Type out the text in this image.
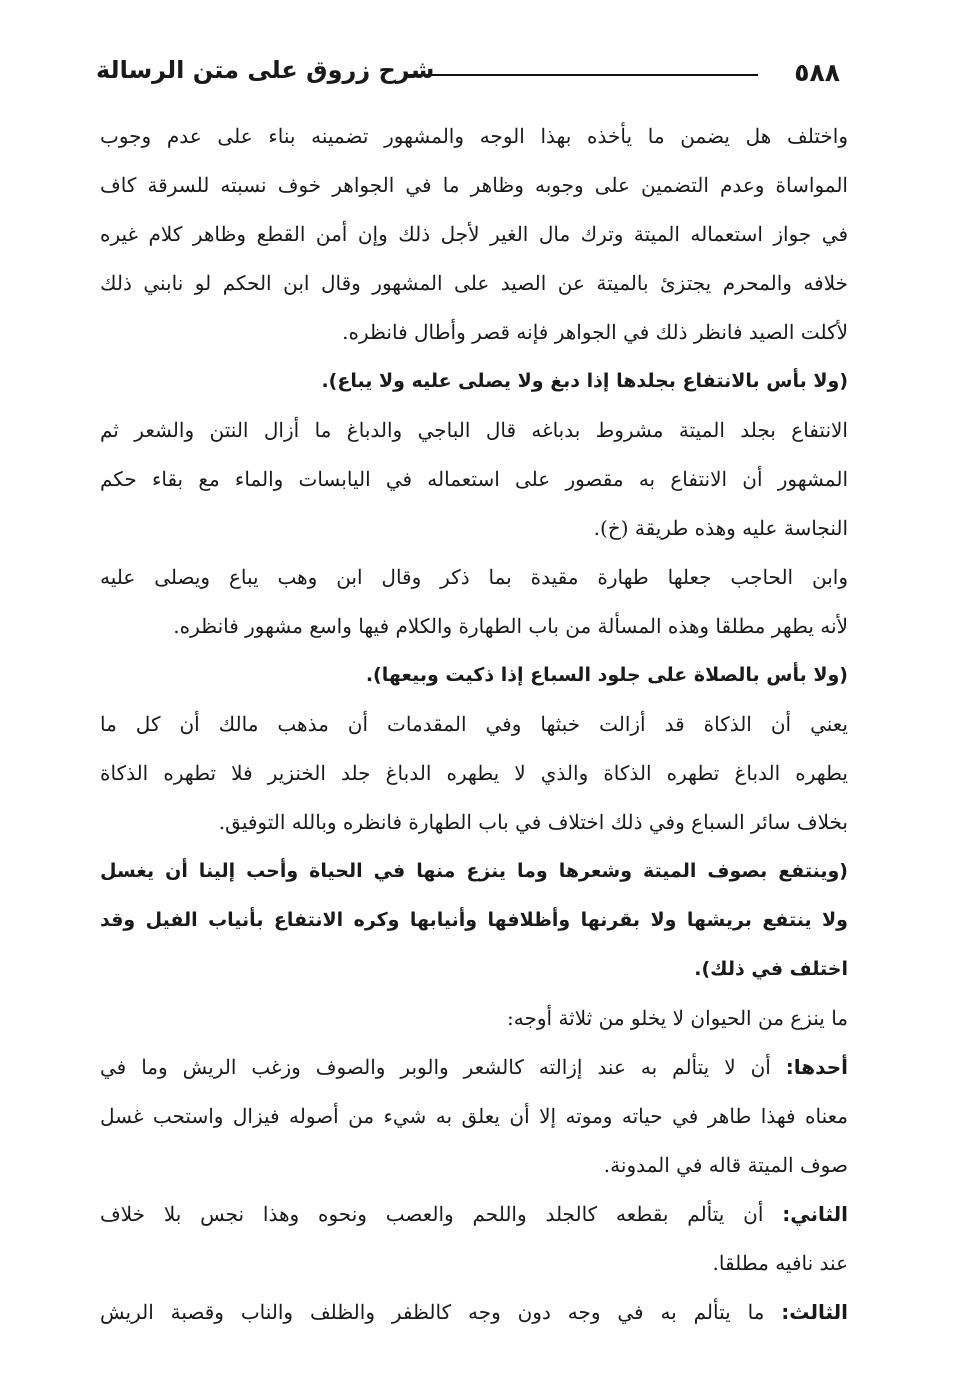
٥٨٨
شرح زروق على متن الرسالة
واختلف هل يضمن ما يأخذه بهذا الوجه والمشهور تضمينه بناء على عدم وجوب
المواساة وعدم التضمين على وجوبه وظاهر ما في الجواهر خوف نسبته للسرقة كاف
في جواز استعماله الميتة وترك مال الغير لأجل ذلك وإن أمن القطع وظاهر كلام غيره
خلافه والمحرم يجتزئ بالميتة عن الصيد على المشهور وقال ابن الحكم لو نابني ذلك
لأكلت الصيد فانظر ذلك في الجواهر فإنه قصر وأطال فانظره.
(ولا بأس بالانتفاع بجلدها إذا دبغ ولا يصلى عليه ولا يباع).
الانتفاع بجلد الميتة مشروط بدباغه قال الباجي والدباغ ما أزال النتن والشعر ثم
المشهور أن الانتفاع به مقصور على استعماله في اليابسات والماء مع بقاء حكم
النجاسة عليه وهذه طريقة (خ).
وابن الحاجب جعلها طهارة مقيدة بما ذكر وقال ابن وهب يباع ويصلى عليه
لأنه يطهر مطلقا وهذه المسألة من باب الطهارة والكلام فيها واسع مشهور فانظره.
(ولا بأس بالصلاة على جلود السباع إذا ذكيت وبيعها).
يعني أن الذكاة قد أزالت خبثها وفي المقدمات أن مذهب مالك أن كل ما
يطهره الدباغ تطهره الذكاة والذي لا يطهره الدباغ جلد الخنزير فلا تطهره الذكاة
بخلاف سائر السباع وفي ذلك اختلاف في باب الطهارة فانظره وبالله التوفيق.
(وينتفع بصوف الميتة وشعرها وما ينزع منها في الحياة وأحب إلينا أن يغسل
ولا ينتفع بريشها ولا بقرنها وأظلافها وأنيابها وكره الانتفاع بأنياب الفيل وقد
اختلف في ذلك).
ما ينزع من الحيوان لا يخلو من ثلاثة أوجه:
أحدها: أن لا يتألم به عند إزالته كالشعر والوبر والصوف وزغب الريش وما في
معناه فهذا طاهر في حياته وموته إلا أن يعلق به شيء من أصوله فيزال واستحب غسل
صوف الميتة قاله في المدونة.
الثاني: أن يتألم بقطعه كالجلد واللحم والعصب ونحوه وهذا نجس بلا خلاف
عند نافيه مطلقا.
الثالث: ما يتألم به في وجه دون وجه كالظفر والظلف والناب وقصبة الريش
